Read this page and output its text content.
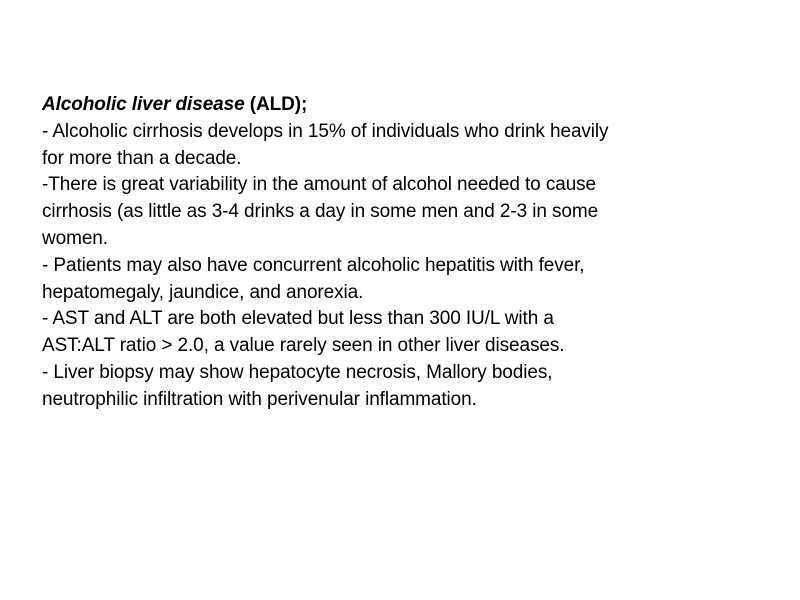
Alcoholic liver disease (ALD);
- Alcoholic cirrhosis develops in 15% of individuals who drink heavily
for more than a decade.
-There is great variability in the amount of alcohol needed to cause
cirrhosis (as little as 3-4 drinks a day in some men and 2-3 in some
women.
- Patients may also have concurrent alcoholic hepatitis with fever,
hepatomegaly, jaundice, and anorexia.
- AST and ALT are both elevated but less than 300 IU/L with a
AST:ALT ratio > 2.0, a value rarely seen in other liver diseases.
- Liver biopsy may show hepatocyte necrosis, Mallory bodies,
neutrophilic infiltration with perivenular inflammation.
